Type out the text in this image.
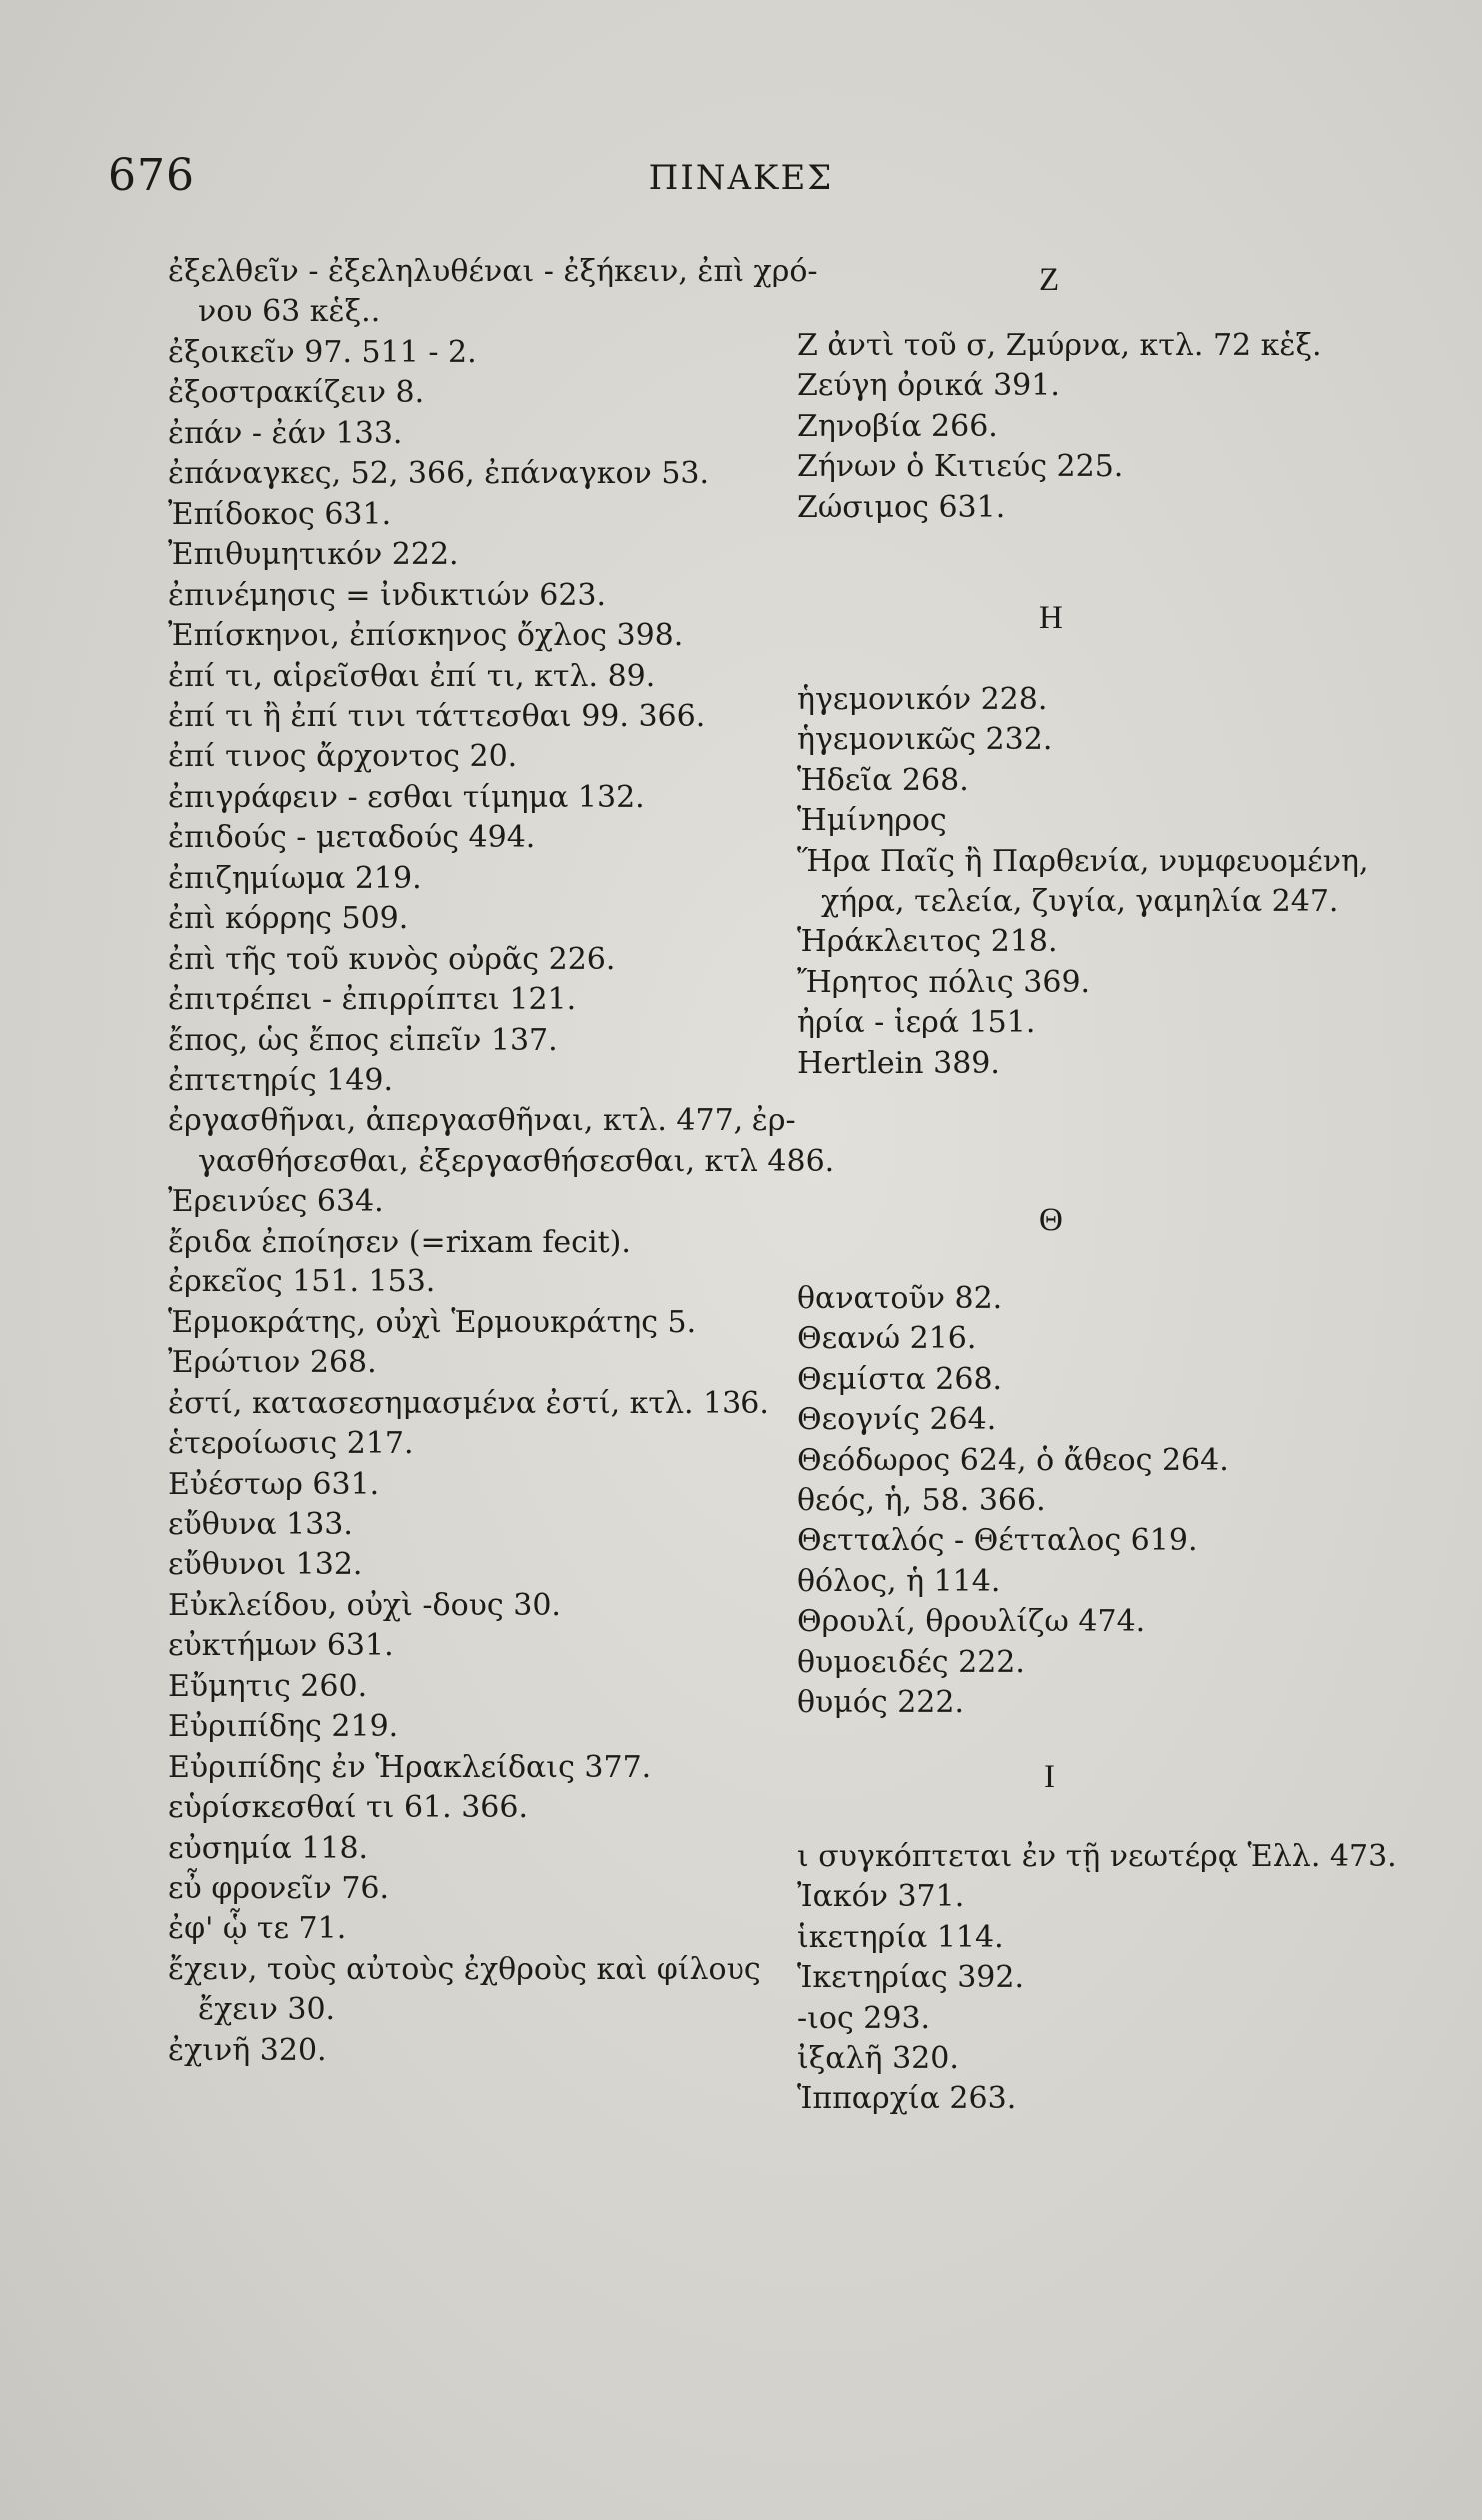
676	ΠΙΝΑΚΕΣ
ἐξελθεῖν - ἐξεληλυθέναι - ἐξήκειν, ἐπὶ χρό-
νου 63 κἑξ..
ἐξοικεῖν 97. 511 - 2.
ἐξοστρακίζειν 8.
ἐπάν - ἐάν 133.
ἐπάναγκες, 52, 366, ἐπάναγκον 53.
Ἐπίδοκος 631.
Ἐπιθυμητικόν 222.
ἐπινέμησις = ἰνδικτιών 623.
Ἐπίσκηνοι, ἐπίσκηνος ὄχλος 398.
ἐπί τι, αἱρεῖσθαι ἐπί τι, κτλ. 89.
ἐπί τι ἢ ἐπί τινι τάττεσθαι 99. 366.
ἐπί τινος ἄρχοντος 20.
ἐπιγράφειν - εσθαι τίμημα 132.
ἐπιδούς - μεταδούς 494.
ἐπιζημίωμα 219.
ἐπὶ κόρρης 509.
ἐπὶ τῆς τοῦ κυνὸς οὐρᾶς 226.
ἐπιτρέπει - ἐπιρρίπτει 121.
ἔπος, ὡς ἔπος εἰπεῖν 137.
ἐπτετηρίς 149.
ἐργασθῆναι, ἀπεργασθῆναι, κτλ. 477, ἐρ-
γασθήσεσθαι, ἐξεργασθήσεσθαι, κτλ 486.
Ἐρεινύες 634.
ἔριδα ἐποίησεν (=rixam fecit).
ἐρκεῖος 151. 153.
Ἑρμοκράτης, οὐχὶ Ἑρμουκράτης 5.
Ἐρώτιον 268.
ἐστί, κατασεσημασμένα ἐστί, κτλ. 136.
ἑτεροίωσις 217.
Εὐέστωρ 631.
εὔθυνα 133.
εὔθυνοι 132.
Εὐκλείδου, οὐχὶ -δους 30.
εὐκτήμων 631.
Εὔμητις 260.
Εὐριπίδης 219.
Εὐριπίδης ἐν Ἡρακλείδαις 377.
εὑρίσκεσθαί τι 61. 366.
εὐσημία 118.
εὖ φρονεῖν 76.
ἐφ' ᾧ τε 71.
ἔχειν, τοὺς αὐτοὺς ἐχθροὺς καὶ φίλους
ἔχειν 30.
ἐχινῆ 320.
Z
Ζ ἀντὶ τοῦ σ, Ζμύρνα, κτλ. 72 κἑξ.
Ζεύγη ὀρικά 391.
Ζηνοβία 266.
Ζήνων ὁ Κιτιεύς 225.
Ζώσιμος 631.
H
ἡγεμονικόν 228.
ἡγεμονικῶς 232.
Ἡδεῖα 268.
Ἡμίνηρος
Ἥρα Παῖς ἢ Παρθενία, νυμφευομένη,
χήρα, τελεία, ζυγία, γαμηλία 247.
Ἡράκλειτος 218.
Ἤρητος πόλις 369.
ἠρία - ἱερά 151.
Hertlein 389.
Θ
θανατοῦν 82.
Θεανώ 216.
Θεμίστα 268.
Θεογνίς 264.
Θεόδωρος 624, ὁ ἄθεος 264.
θεός, ἡ, 58. 366.
Θετταλός - Θέτταλος 619.
θόλος, ἡ 114.
Θρουλί, θρουλίζω 474.
θυμοειδές 222.
θυμός 222.
I
ι συγκόπτεται ἐν τῇ νεωτέρᾳ Ἑλλ. 473.
Ἰακόν 371.
ἱκετηρία 114.
Ἱκετηρίας 392.
-ιος 293.
ἰξαλῆ 320.
Ἱππαρχία 263.
